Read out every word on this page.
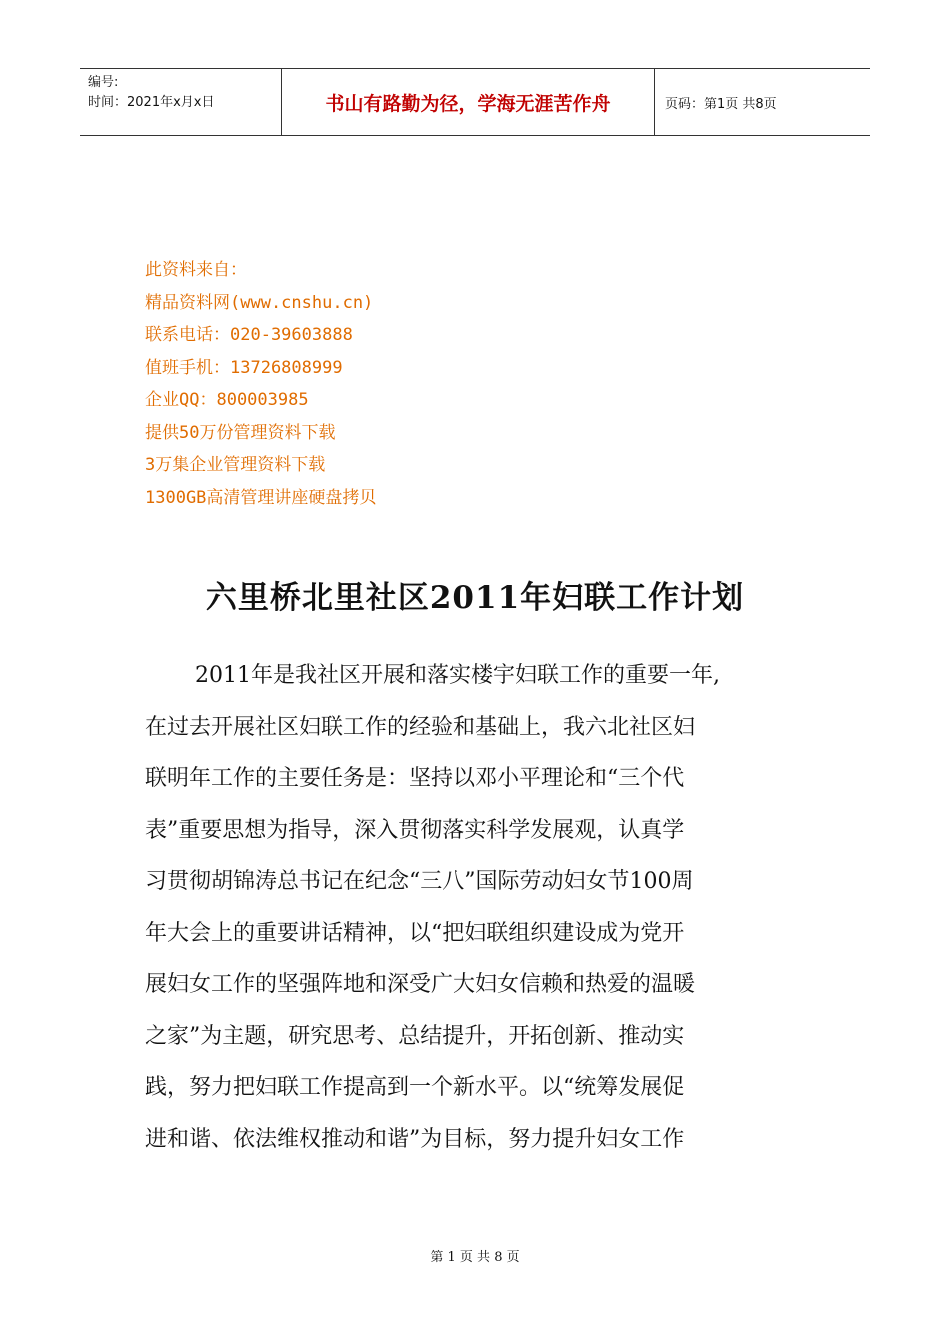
编号:
时间：2021年x月x日	书山有路勤为径，学海无涯苦作舟	页码：第1页 共8页
此资料来自：
精品资料网(www.cnshu.cn)
联系电话：020-39603888
值班手机：13726808999
企业QQ：800003985
提供50万份管理资料下载
3万集企业管理资料下载
1300GB高清管理讲座硬盘拷贝
六里桥北里社区2011年妇联工作计划
2011年是我社区开展和落实楼宇妇联工作的重要一年,
在过去开展社区妇联工作的经验和基础上，我六北社区妇
联明年工作的主要任务是：坚持以邓小平理论和“三个代
表”重要思想为指导，深入贯彻落实科学发展观，认真学
习贯彻胡锦涛总书记在纪念“三八”国际劳动妇女节100周
年大会上的重要讲话精神，以“把妇联组织建设成为党开
展妇女工作的坚强阵地和深受广大妇女信赖和热爱的温暖
之家”为主题，研究思考、总结提升，开拓创新、推动实
践，努力把妇联工作提高到一个新水平。以“统筹发展促
进和谐、依法维权推动和谐”为目标，努力提升妇女工作
第 1 页 共 8 页
